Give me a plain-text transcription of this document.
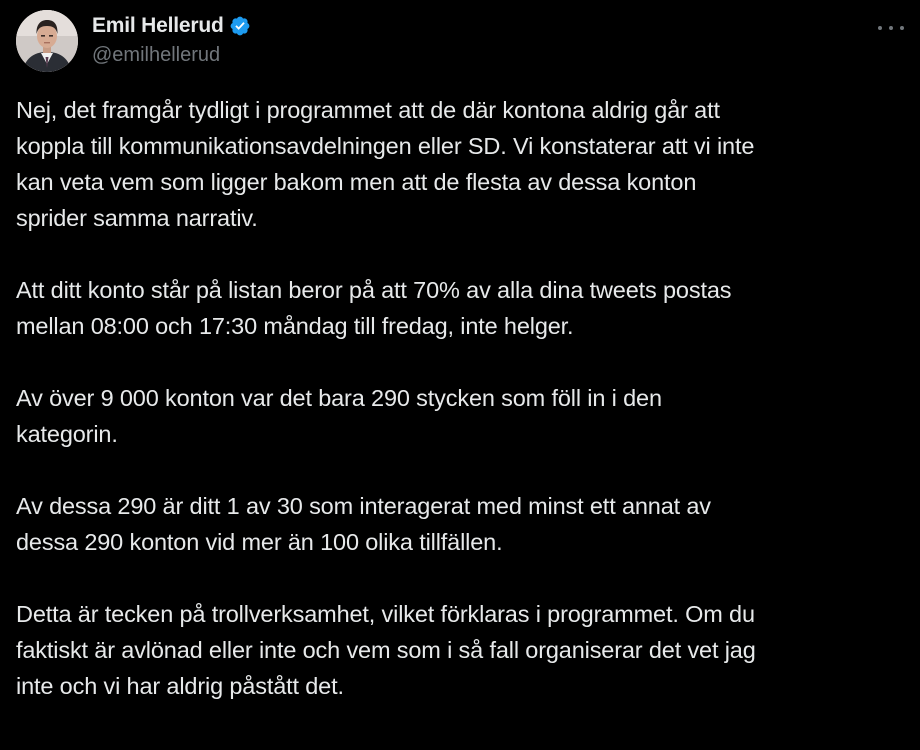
Emil Hellerud
@emilhellerud

Nej, det framgår tydligt i programmet att de där kontona aldrig går att
koppla till kommunikationsavdelningen eller SD. Vi konstaterar att vi inte
kan veta vem som ligger bakom men att de flesta av dessa konton
sprider samma narrativ.

Att ditt konto står på listan beror på att 70% av alla dina tweets postas
mellan 08:00 och 17:30 måndag till fredag, inte helger.

Av över 9 000 konton var det bara 290 stycken som föll in i den
kategorin.

Av dessa 290 är ditt 1 av 30 som interagerat med minst ett annat av
dessa 290 konton vid mer än 100 olika tillfällen.

Detta är tecken på trollverksamhet, vilket förklaras i programmet. Om du
faktiskt är avlönad eller inte och vem som i så fall organiserar det vet jag
inte och vi har aldrig påstått det.
